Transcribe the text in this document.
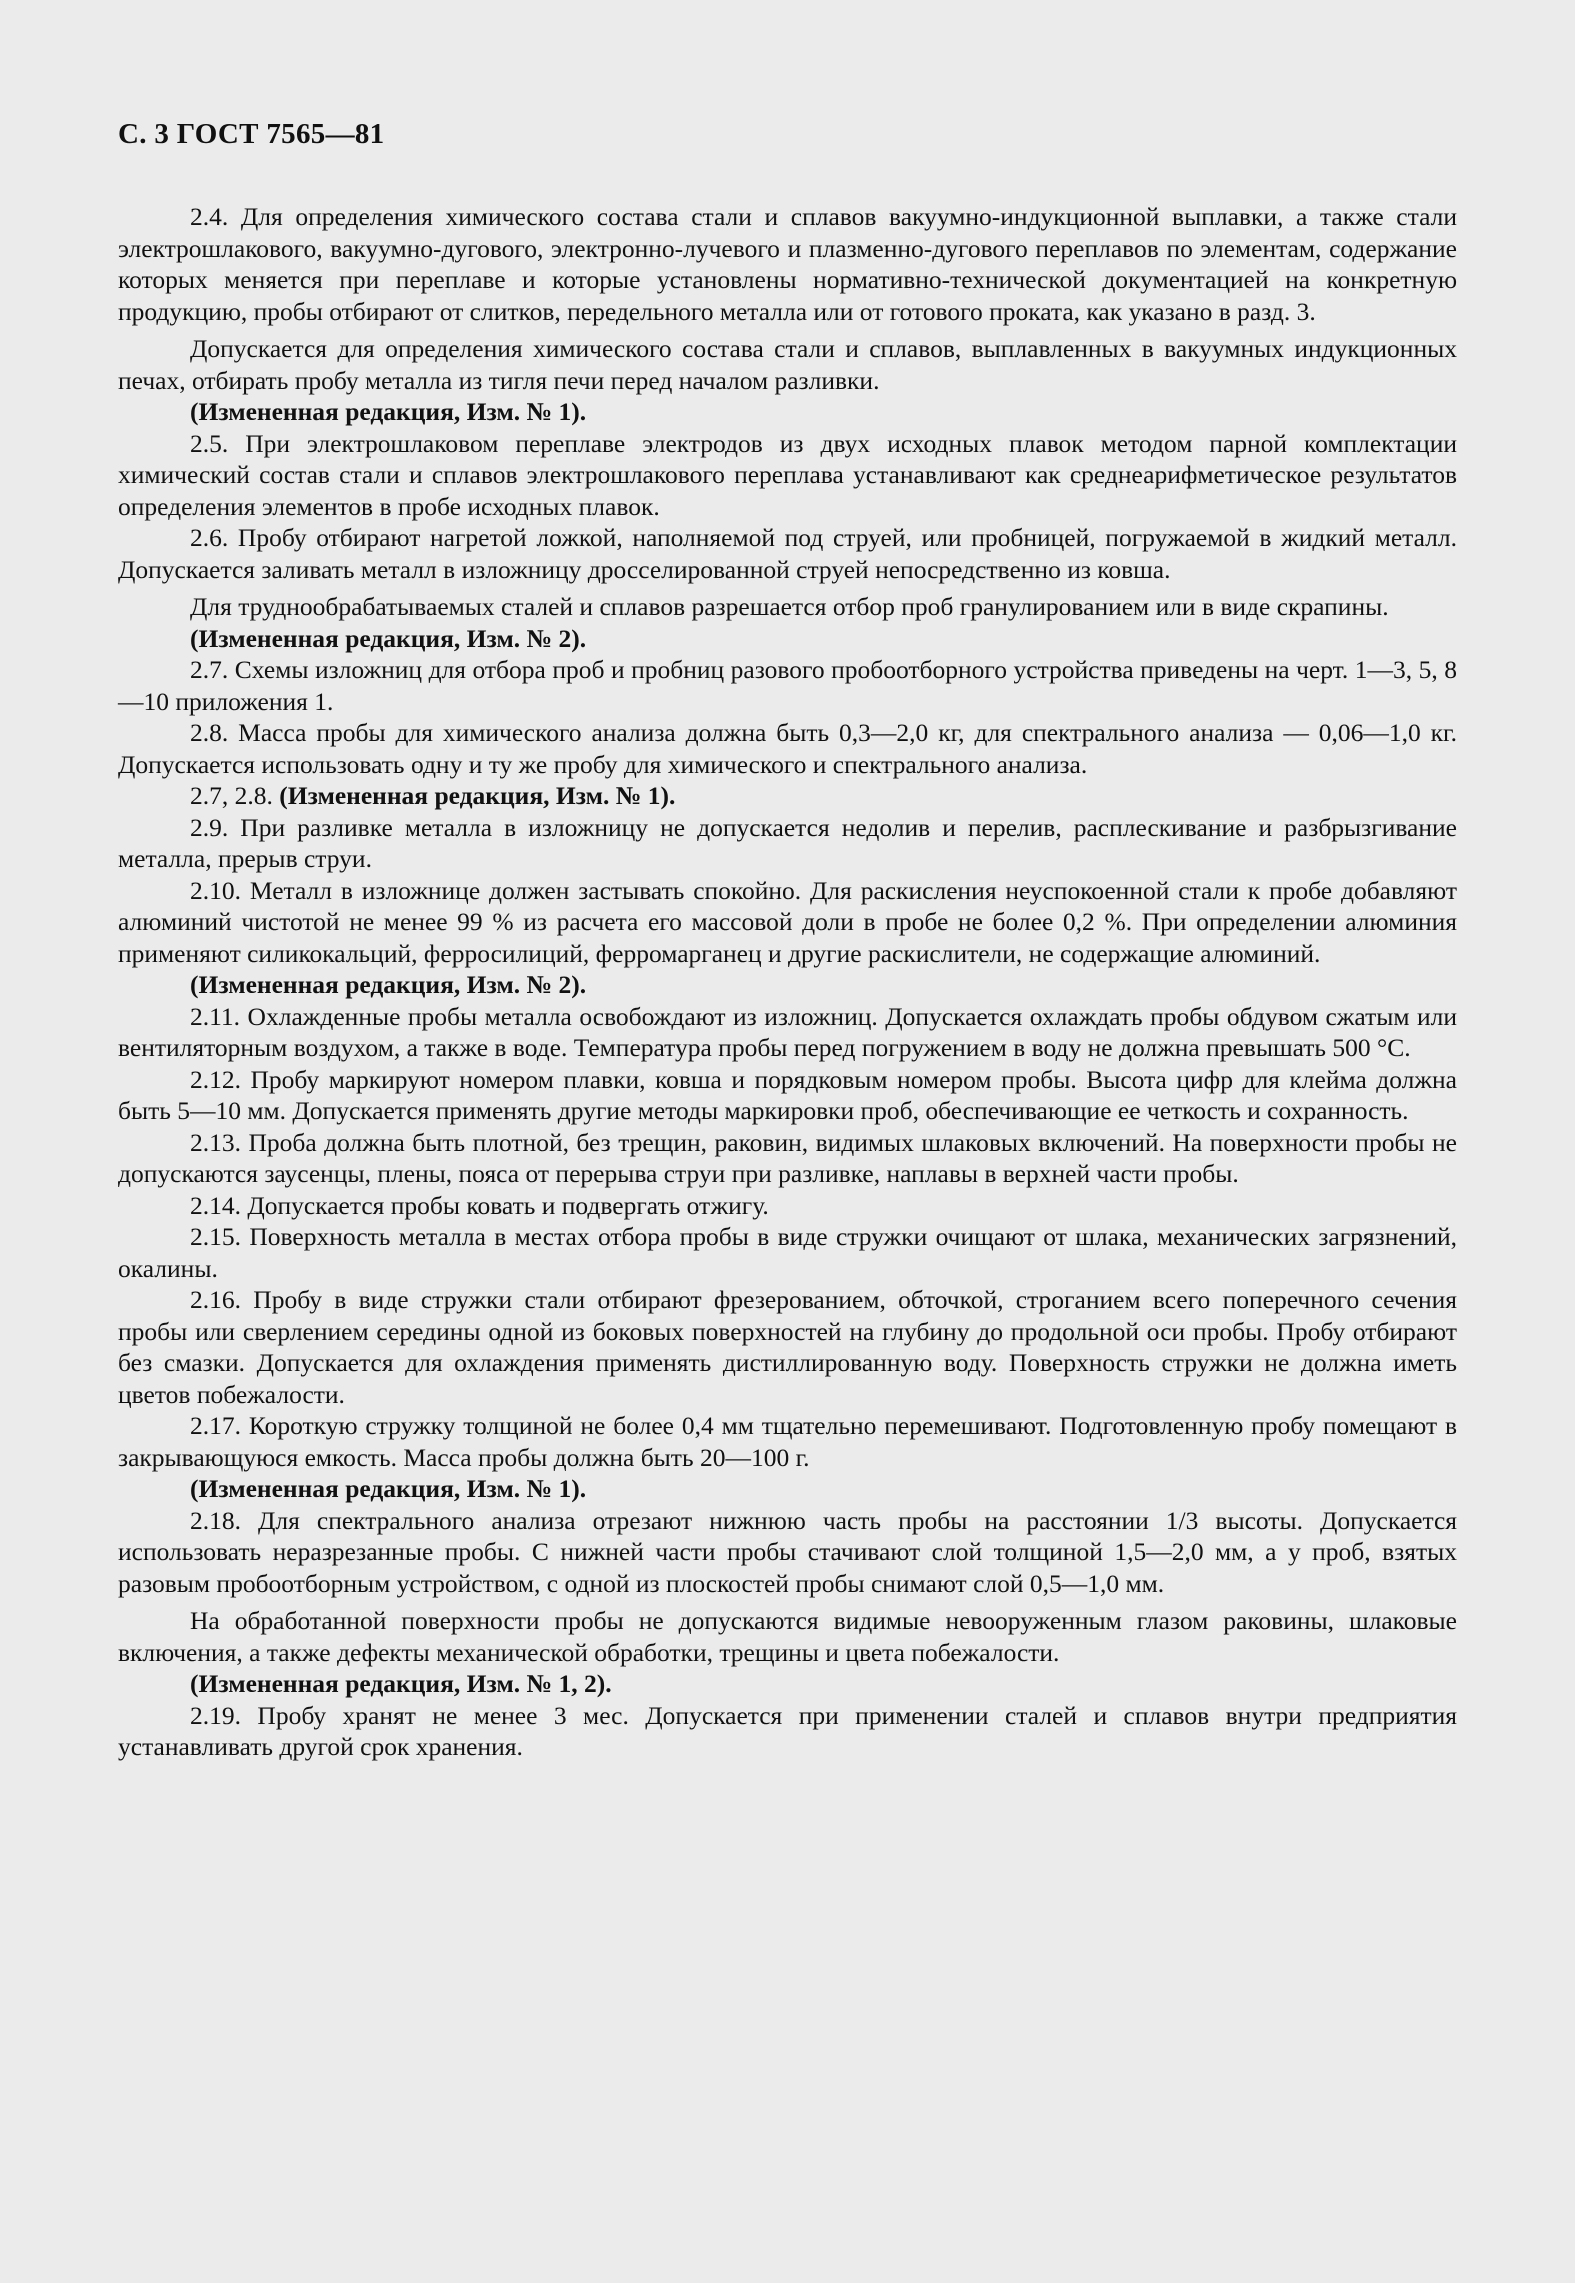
С. 3 ГОСТ 7565—81

2.4. Для определения химического состава стали и сплавов вакуумно-индукционной выплавки, а также стали электрошлакового, вакуумно-дугового, электронно-лучевого и плазменно-дугового переплавов по элементам, содержание которых меняется при переплаве и которые установлены нормативно-технической документацией на конкретную продукцию, пробы отбирают от слитков, передельного металла или от готового проката, как указано в разд. 3.

Допускается для определения химического состава стали и сплавов, выплавленных в вакуумных индукционных печах, отбирать пробу металла из тигля печи перед началом разливки.

(Измененная редакция, Изм. № 1).

2.5. При электрошлаковом переплаве электродов из двух исходных плавок методом парной комплектации химический состав стали и сплавов электрошлакового переплава устанавливают как среднеарифметическое результатов определения элементов в пробе исходных плавок.

2.6. Пробу отбирают нагретой ложкой, наполняемой под струей, или пробницей, погружаемой в жидкий металл. Допускается заливать металл в изложницу дросселированной струей непосредственно из ковша.

Для труднообрабатываемых сталей и сплавов разрешается отбор проб гранулированием или в виде скрапины.

(Измененная редакция, Изм. № 2).

2.7. Схемы изложниц для отбора проб и пробниц разового пробоотборного устройства приведены на черт. 1—3, 5, 8—10 приложения 1.

2.8. Масса пробы для химического анализа должна быть 0,3—2,0 кг, для спектрального анализа — 0,06—1,0 кг. Допускается использовать одну и ту же пробу для химического и спектрального анализа.

2.7, 2.8. (Измененная редакция, Изм. № 1).

2.9. При разливке металла в изложницу не допускается недолив и перелив, расплескивание и разбрызгивание металла, прерыв струи.

2.10. Металл в изложнице должен застывать спокойно. Для раскисления неуспокоенной стали к пробе добавляют алюминий чистотой не менее 99 % из расчета его массовой доли в пробе не более 0,2 %. При определении алюминия применяют силикокальций, ферросилиций, ферромарганец и другие раскислители, не содержащие алюминий.

(Измененная редакция, Изм. № 2).

2.11. Охлажденные пробы металла освобождают из изложниц. Допускается охлаждать пробы обдувом сжатым или вентиляторным воздухом, а также в воде. Температура пробы перед погружением в воду не должна превышать 500 °С.

2.12. Пробу маркируют номером плавки, ковша и порядковым номером пробы. Высота цифр для клейма должна быть 5—10 мм. Допускается применять другие методы маркировки проб, обеспечивающие ее четкость и сохранность.

2.13. Проба должна быть плотной, без трещин, раковин, видимых шлаковых включений. На поверхности пробы не допускаются заусенцы, плены, пояса от перерыва струи при разливке, наплавы в верхней части пробы.

2.14. Допускается пробы ковать и подвергать отжигу.

2.15. Поверхность металла в местах отбора пробы в виде стружки очищают от шлака, механических загрязнений, окалины.

2.16. Пробу в виде стружки стали отбирают фрезерованием, обточкой, строганием всего поперечного сечения пробы или сверлением середины одной из боковых поверхностей на глубину до продольной оси пробы. Пробу отбирают без смазки. Допускается для охлаждения применять дистиллированную воду. Поверхность стружки не должна иметь цветов побежалости.

2.17. Короткую стружку толщиной не более 0,4 мм тщательно перемешивают. Подготовленную пробу помещают в закрывающуюся емкость. Масса пробы должна быть 20—100 г.

(Измененная редакция, Изм. № 1).

2.18. Для спектрального анализа отрезают нижнюю часть пробы на расстоянии 1/3 высоты. Допускается использовать неразрезанные пробы. С нижней части пробы стачивают слой толщиной 1,5—2,0 мм, а у проб, взятых разовым пробоотборным устройством, с одной из плоскостей пробы снимают слой 0,5—1,0 мм.

На обработанной поверхности пробы не допускаются видимые невооруженным глазом раковины, шлаковые включения, а также дефекты механической обработки, трещины и цвета побежалости.

(Измененная редакция, Изм. № 1, 2).

2.19. Пробу хранят не менее 3 мес. Допускается при применении сталей и сплавов внутри предприятия устанавливать другой срок хранения.
